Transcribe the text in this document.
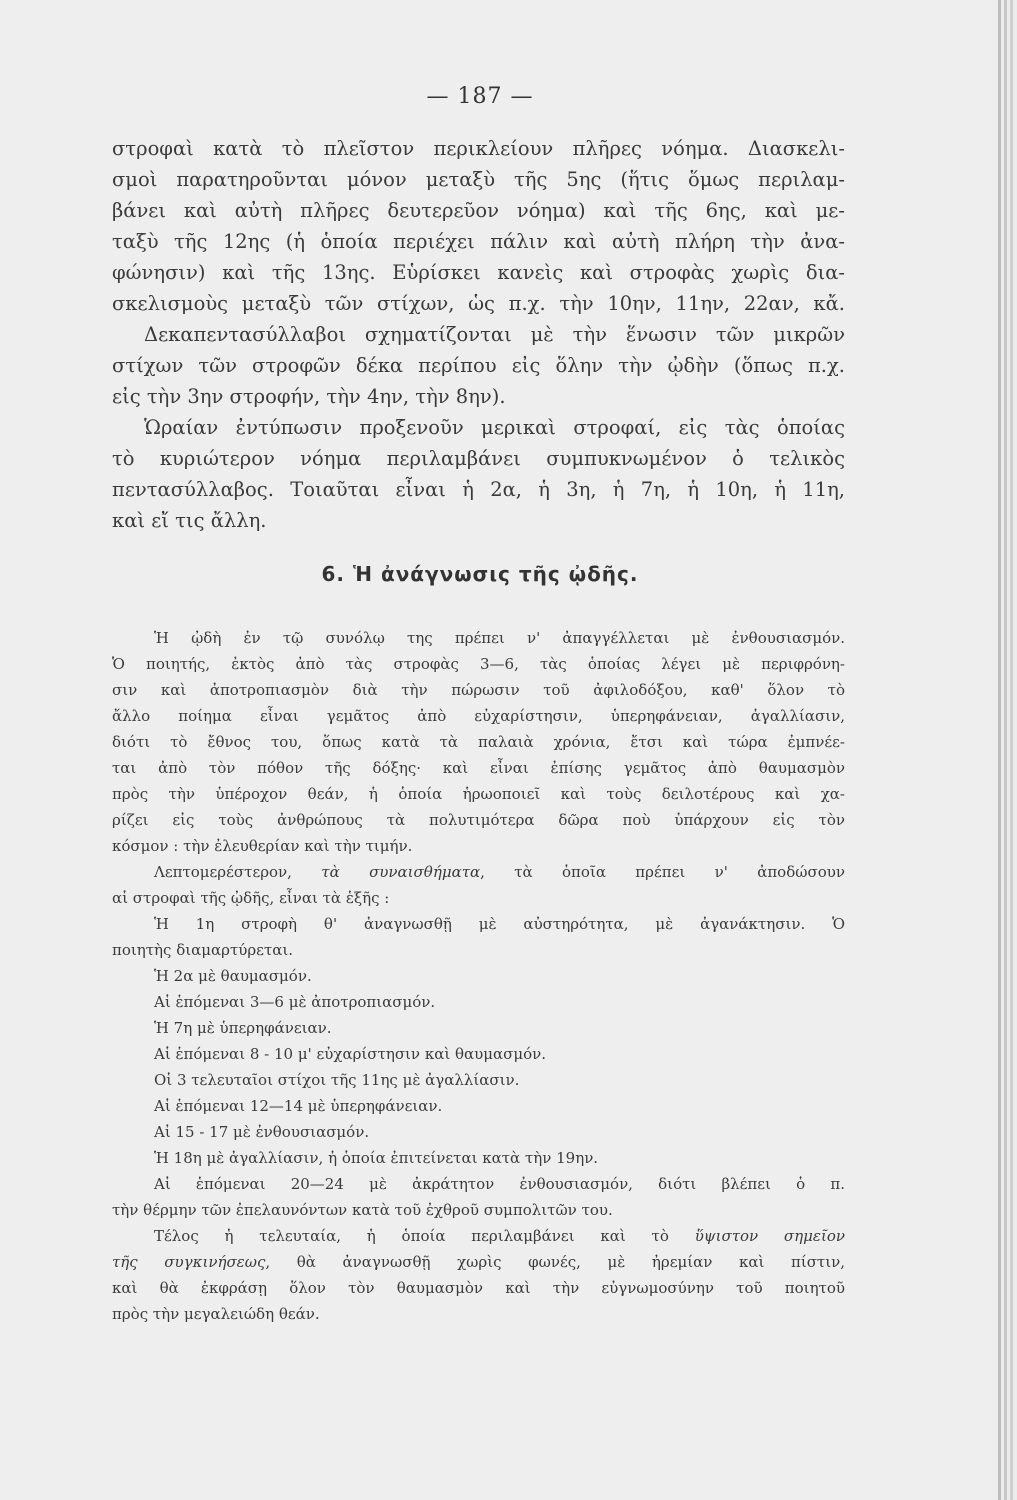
— 187 —
στροφαὶ κατὰ τὸ πλεῖστον περικλείουν πλῆρες νόημα. Διασκελι-
σμοὶ παρατηροῦνται μόνον μεταξὺ τῆς 5ης (ἥτις ὅμως περιλαμ-
βάνει καὶ αὐτὴ πλῆρες δευτερεῦον νόημα) καὶ τῆς 6ης, καὶ με-
ταξὺ τῆς 12ης (ἡ ὁποία περιέχει πάλιν καὶ αὐτὴ πλήρη τὴν ἀνα-
φώνησιν) καὶ τῆς 13ης. Εὑρίσκει κανεὶς καὶ στροφὰς χωρὶς δια-
σκελισμοὺς μεταξὺ τῶν στίχων, ὡς π.χ. τὴν 10ην, 11ην, 22αν, κἄ.
Δεκαπεντασύλλαβοι σχηματίζονται μὲ τὴν ἕνωσιν τῶν μικρῶν
στίχων τῶν στροφῶν δέκα περίπου εἰς ὅλην τὴν ᾠδὴν (ὅπως π.χ.
εἰς τὴν 3ην στροφήν, τὴν 4ην, τὴν 8ην).
Ὡραίαν ἐντύπωσιν προξενοῦν μερικαὶ στροφαί, εἰς τὰς ὁποίας
τὸ κυριώτερον νόημα περιλαμβάνει συμπυκνωμένον ὁ τελικὸς
πεντασύλλαβος. Τοιαῦται εἶναι ἡ 2α, ἡ 3η, ἡ 7η, ἡ 10η, ἡ 11η,
καὶ εἴ τις ἄλλη.
6. Ἡ ἀνάγνωσις τῆς ᾠδῆς.
Ἡ ᾠδὴ ἐν τῷ συνόλῳ της πρέπει ν' ἀπαγγέλλεται μὲ ἐνθουσιασμόν.
Ὁ ποιητής, ἐκτὸς ἀπὸ τὰς στροφὰς 3—6, τὰς ὁποίας λέγει μὲ περιφρόνη-
σιν καὶ ἀποτροπιασμὸν διὰ τὴν πώρωσιν τοῦ ἀφιλοδόξου, καθ' ὅλον τὸ
ἄλλο ποίημα εἶναι γεμᾶτος ἀπὸ εὐχαρίστησιν, ὑπερηφάνειαν, ἀγαλλίασιν,
διότι τὸ ἔθνος του, ὅπως κατὰ τὰ παλαιὰ χρόνια, ἔτσι καὶ τώρα ἐμπνέε-
ται ἀπὸ τὸν πόθον τῆς δόξης· καὶ εἶναι ἐπίσης γεμᾶτος ἀπὸ θαυμασμὸν
πρὸς τὴν ὑπέροχον θεάν, ἡ ὁποία ἡρωοποιεῖ καὶ τοὺς δειλοτέρους καὶ χα-
ρίζει εἰς τοὺς ἀνθρώπους τὰ πολυτιμότερα δῶρα ποὺ ὑπάρχουν εἰς τὸν
κόσμον : τὴν ἐλευθερίαν καὶ τὴν τιμήν.
Λεπτομερέστερον, τὰ συναισθήματα, τὰ ὁποῖα πρέπει ν' ἀποδώσουν
αἱ στροφαὶ τῆς ᾠδῆς, εἶναι τὰ ἑξῆς :
Ἡ 1η στροφὴ θ' ἀναγνωσθῇ μὲ αὐστηρότητα, μὲ ἀγανάκτησιν. Ὁ
ποιητὴς διαμαρτύρεται.
Ἡ 2α μὲ θαυμασμόν.
Αἱ ἑπόμεναι 3—6 μὲ ἀποτροπιασμόν.
Ἡ 7η μὲ ὑπερηφάνειαν.
Αἱ ἑπόμεναι 8 - 10 μ' εὐχαρίστησιν καὶ θαυμασμόν.
Οἱ 3 τελευταῖοι στίχοι τῆς 11ης μὲ ἀγαλλίασιν.
Αἱ ἑπόμεναι 12—14 μὲ ὑπερηφάνειαν.
Αἱ 15 - 17 μὲ ἐνθουσιασμόν.
Ἡ 18η μὲ ἀγαλλίασιν, ἡ ὁποία ἐπιτείνεται κατὰ τὴν 19ην.
Αἱ ἑπόμεναι 20—24 μὲ ἀκράτητον ἐνθουσιασμόν, διότι βλέπει ὁ π.
τὴν θέρμην τῶν ἐπελαυνόντων κατὰ τοῦ ἐχθροῦ συμπολιτῶν του.
Τέλος ἡ τελευταία, ἡ ὁποία περιλαμβάνει καὶ τὸ ὕψιστον σημεῖον
τῆς συγκινήσεως, θὰ ἀναγνωσθῇ χωρὶς φωνές, μὲ ἠρεμίαν καὶ πίστιν,
καὶ θὰ ἐκφράσῃ ὅλον τὸν θαυμασμὸν καὶ τὴν εὐγνωμοσύνην τοῦ ποιητοῦ
πρὸς τὴν μεγαλειώδη θεάν.
